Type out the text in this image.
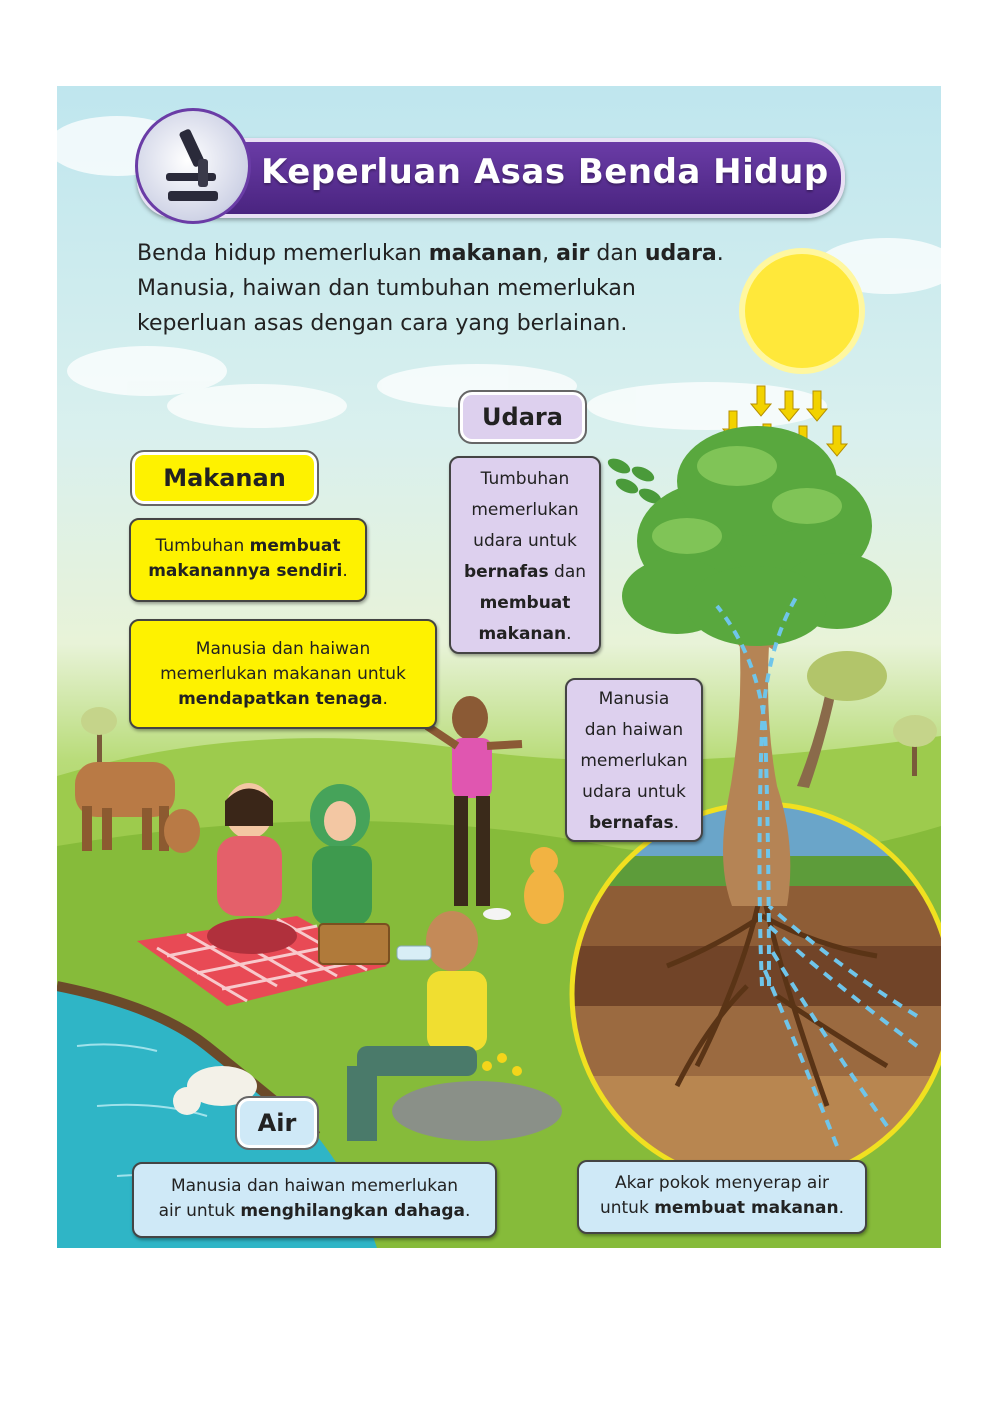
Keperluan Asas Benda Hidup
Benda hidup memerlukan makanan, air dan udara.
Manusia, haiwan dan tumbuhan memerlukan
keperluan asas dengan cara yang berlainan.
Makanan
Tumbuhan membuat
makanannya sendiri.
Manusia dan haiwan
memerlukan makanan untuk
mendapatkan tenaga.
Udara
Tumbuhan
memerlukan
udara untuk
bernafas dan
membuat
makanan.
Manusia
dan haiwan
memerlukan
udara untuk
bernafas.
Air
Manusia dan haiwan memerlukan
air untuk menghilangkan dahaga.
Akar pokok menyerap air
untuk membuat makanan.
